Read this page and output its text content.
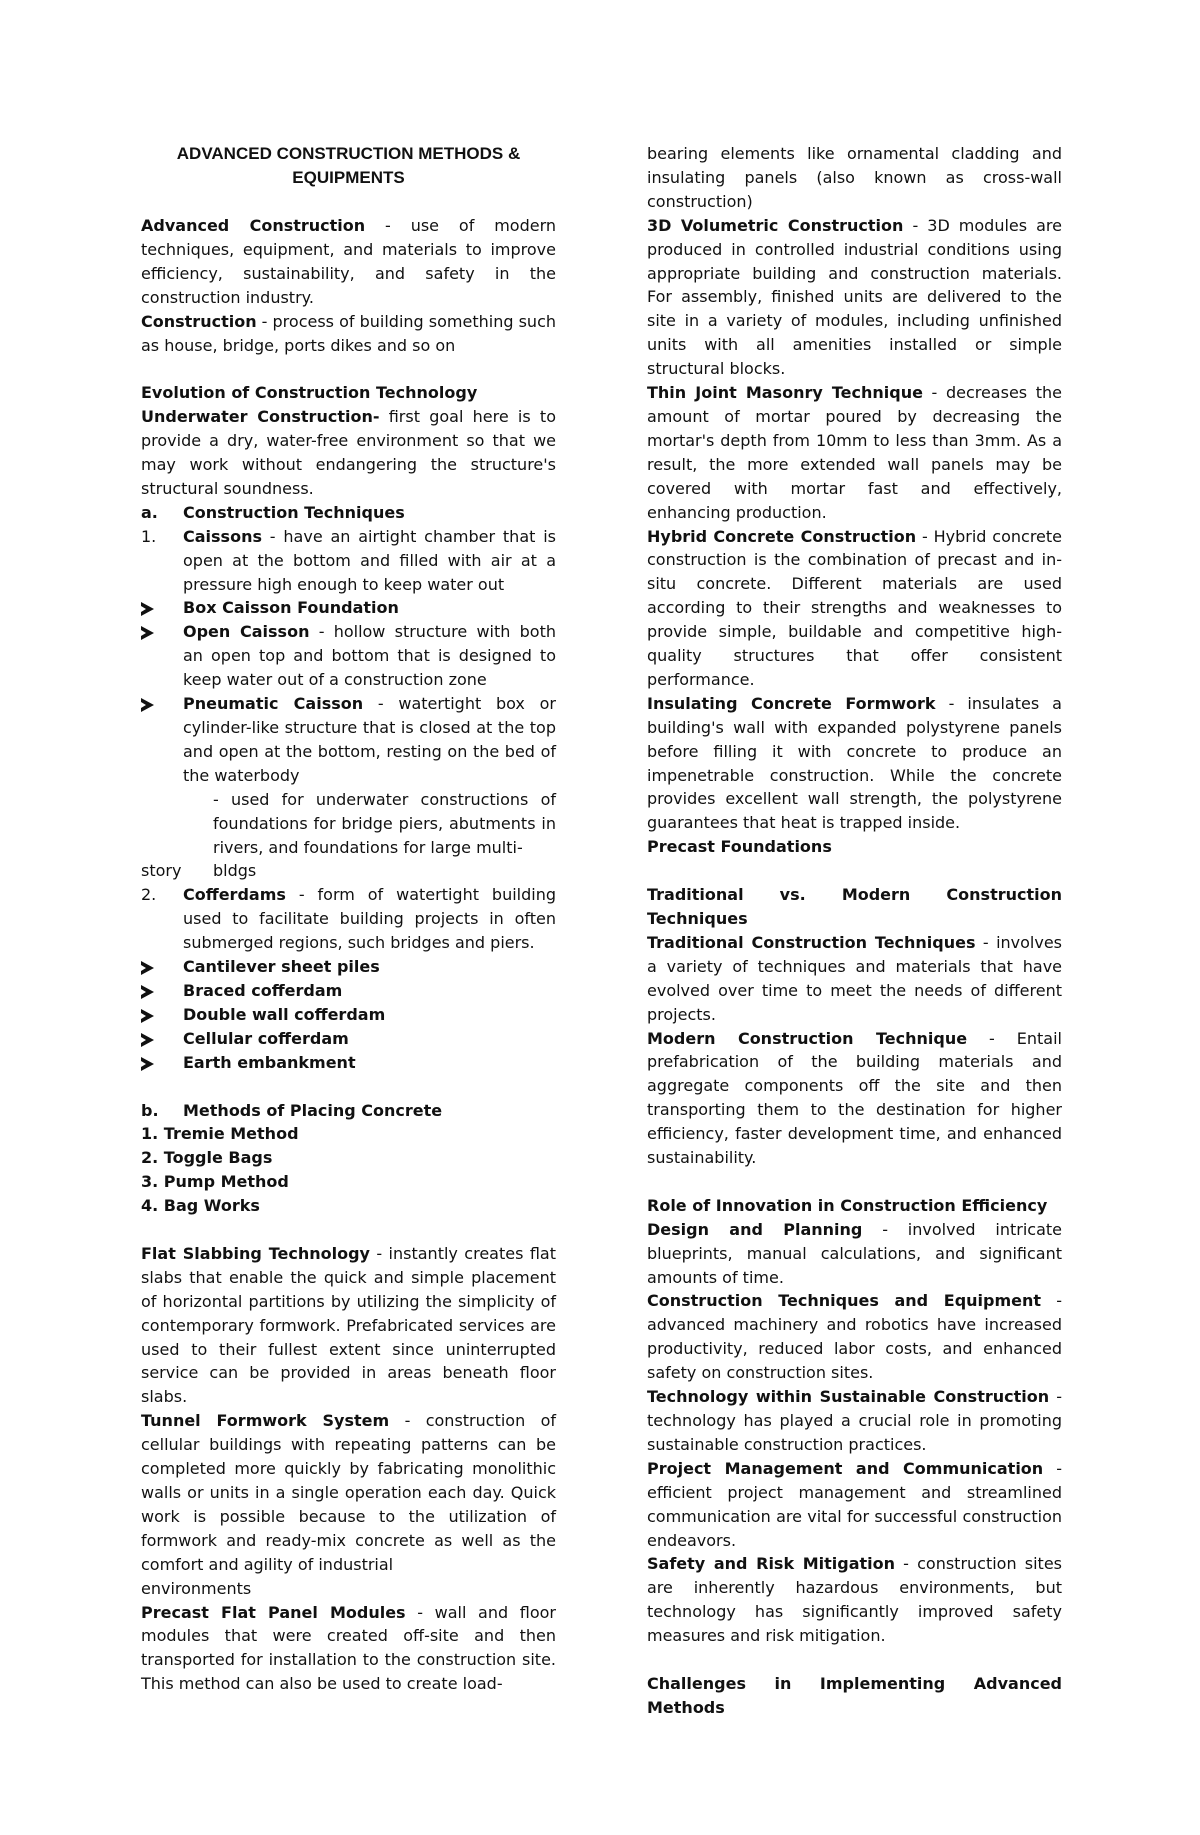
ADVANCED CONSTRUCTION METHODS & EQUIPMENTS

Advanced Construction - use of modern techniques, equipment, and materials to improve efficiency, sustainability, and safety in the construction industry.

Construction - process of building something such as house, bridge, ports dikes and so on

Evolution of Construction Technology

Underwater Construction- first goal here is to provide a dry, water-free environment so that we may work without endangering the structure's structural soundness.

a. Construction Techniques
1. Caissons - have an airtight chamber that is open at the bottom and filled with air at a pressure high enough to keep water out
Box Caisson Foundation
Open Caisson - hollow structure with both an open top and bottom that is designed to keep water out of a construction zone
Pneumatic Caisson - watertight box or cylinder-like structure that is closed at the top and open at the bottom, resting on the bed of the waterbody
- used for underwater constructions of foundations for bridge piers, abutments in rivers, and foundations for large multi-
story bldgs
2. Cofferdams - form of watertight building used to facilitate building projects in often submerged regions, such bridges and piers.
Cantilever sheet piles
Braced cofferdam
Double wall cofferdam
Cellular cofferdam
Earth embankment
b. Methods of Placing Concrete

1. Tremie Method

2. Toggle Bags

3. Pump Method

4. Bag Works

Flat Slabbing Technology - instantly creates flat slabs that enable the quick and simple placement of horizontal partitions by utilizing the simplicity of contemporary formwork. Prefabricated services are used to their fullest extent since uninterrupted service can be provided in areas beneath floor slabs.

Tunnel Formwork System - construction of cellular buildings with repeating patterns can be completed more quickly by fabricating monolithic walls or units in a single operation each day. Quick work is possible because to the utilization of formwork and ready-mix concrete as well as the comfort and agility of industrial

environments

Precast Flat Panel Modules - wall and floor modules that were created off-site and then transported for installation to the construction site. This method can also be used to create load-

bearing elements like ornamental cladding and insulating panels (also known as cross-wall construction)

3D Volumetric Construction - 3D modules are produced in controlled industrial conditions using appropriate building and construction materials. For assembly, finished units are delivered to the site in a variety of modules, including unfinished units with all amenities installed or simple structural blocks.

Thin Joint Masonry Technique - decreases the amount of mortar poured by decreasing the mortar's depth from 10mm to less than 3mm. As a result, the more extended wall panels may be covered with mortar fast and effectively, enhancing production.

Hybrid Concrete Construction - Hybrid concrete construction is the combination of precast and in-situ concrete. Different materials are used according to their strengths and weaknesses to provide simple, buildable and competitive high-quality structures that offer consistent performance.

Insulating Concrete Formwork - insulates a building's wall with expanded polystyrene panels before filling it with concrete to produce an impenetrable construction. While the concrete provides excellent wall strength, the polystyrene guarantees that heat is trapped inside.

Precast Foundations

Traditional vs. Modern Construction Techniques

Traditional Construction Techniques - involves a variety of techniques and materials that have evolved over time to meet the needs of different projects.

Modern Construction Technique - Entail prefabrication of the building materials and aggregate components off the site and then transporting them to the destination for higher efficiency, faster development time, and enhanced sustainability.

Role of Innovation in Construction Efficiency

Design and Planning - involved intricate blueprints, manual calculations, and significant amounts of time.

Construction Techniques and Equipment - advanced machinery and robotics have increased productivity, reduced labor costs, and enhanced safety on construction sites.

Technology within Sustainable Construction - technology has played a crucial role in promoting sustainable construction practices.

Project Management and Communication - efficient project management and streamlined communication are vital for successful construction endeavors.

Safety and Risk Mitigation - construction sites are inherently hazardous environments, but technology has significantly improved safety measures and risk mitigation.

Challenges in Implementing Advanced Methods
